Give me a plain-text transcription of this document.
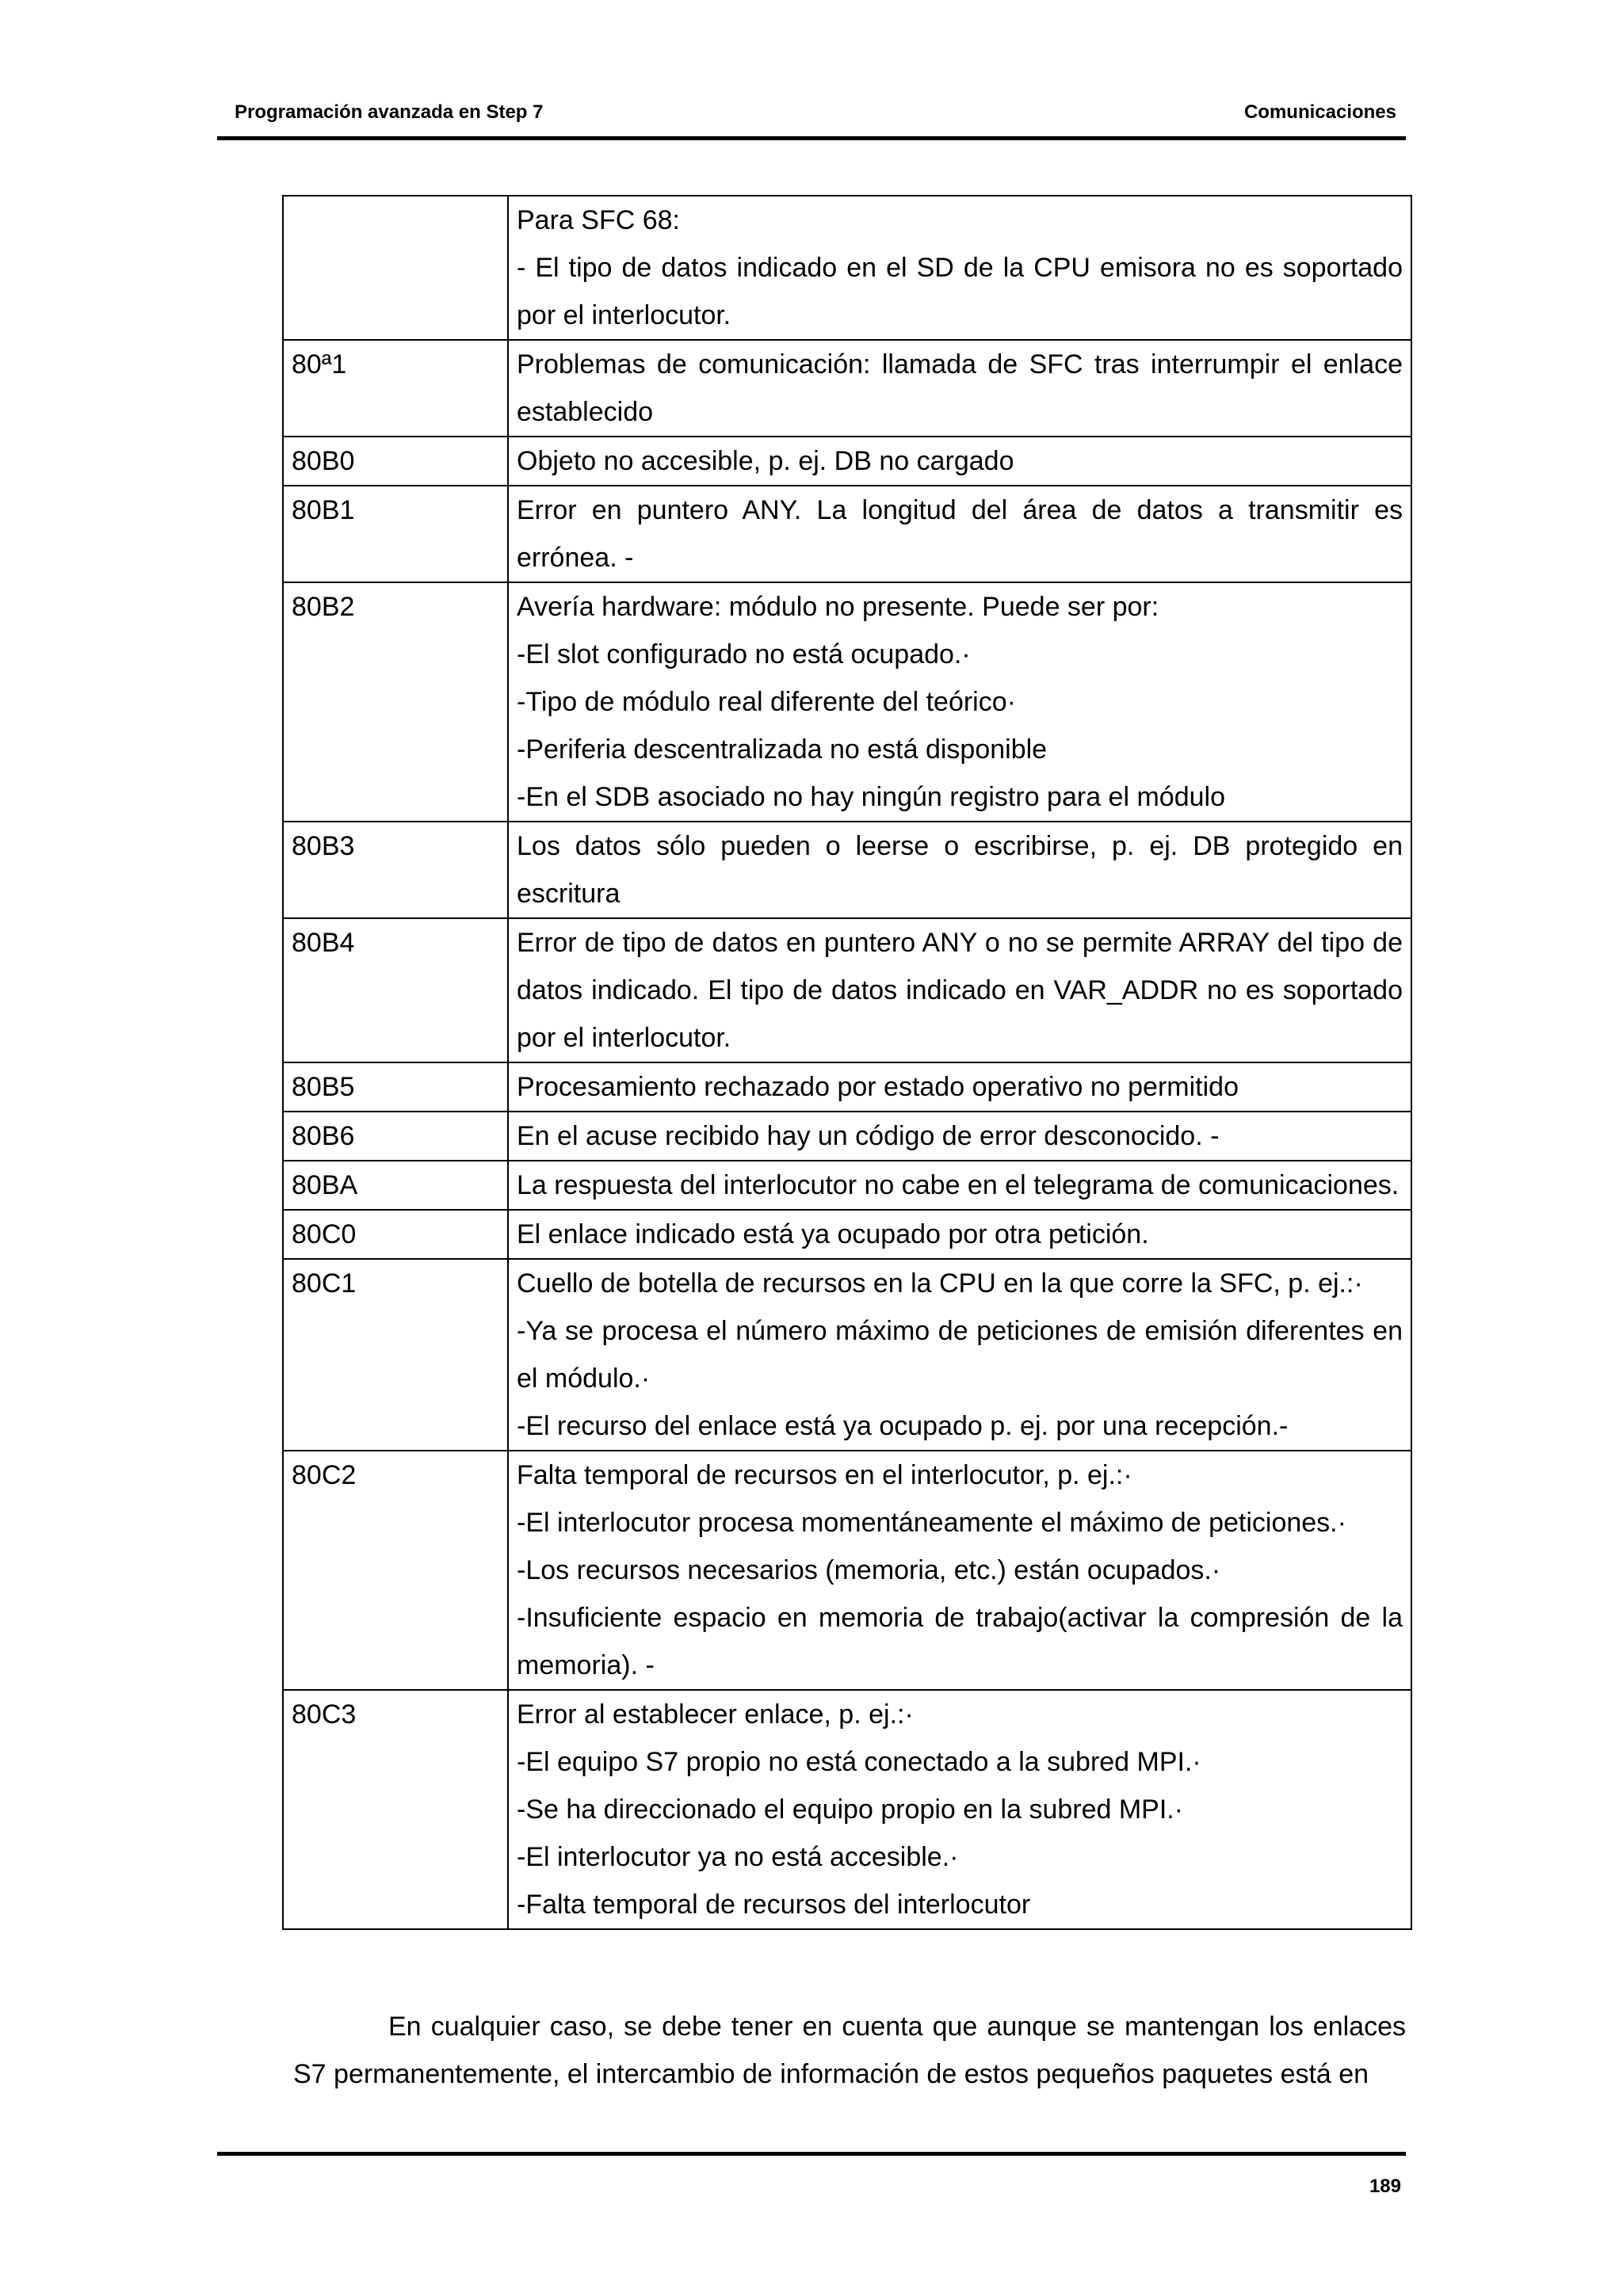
Programación avanzada en Step 7	Comunicaciones

	Para SFC 68:
- El tipo de datos indicado en el SD de la CPU emisora no es soportado por el interlocutor.

80ª1	Problemas de comunicación: llamada de SFC tras interrumpir el enlace establecido

80B0	Objeto no accesible, p. ej. DB no cargado

80B1	Error en puntero ANY. La longitud del área de datos a transmitir es errónea. -

80B2	Avería hardware: módulo no presente. Puede ser por:
-El slot configurado no está ocupado.·
-Tipo de módulo real diferente del teórico·
-Periferia descentralizada no está disponible
-En el SDB asociado no hay ningún registro para el módulo

80B3	Los datos sólo pueden o leerse o escribirse, p. ej. DB protegido en escritura

80B4	Error de tipo de datos en puntero ANY o no se permite ARRAY del tipo de datos indicado. El tipo de datos indicado en VAR_ADDR no es soportado por el interlocutor.

80B5	Procesamiento rechazado por estado operativo no permitido

80B6	En el acuse recibido hay un código de error desconocido. -

80BA	La respuesta del interlocutor no cabe en el telegrama de comunicaciones.

80C0	El enlace indicado está ya ocupado por otra petición.

80C1	Cuello de botella de recursos en la CPU en la que corre la SFC, p. ej.:·
-Ya se procesa el número máximo de peticiones de emisión diferentes en el módulo.·
-El recurso del enlace está ya ocupado p. ej. por una recepción.-

80C2	Falta temporal de recursos en el interlocutor, p. ej.:·
-El interlocutor procesa momentáneamente el máximo de peticiones.·
-Los recursos necesarios (memoria, etc.) están ocupados.·
-Insuficiente espacio en memoria de trabajo(activar la compresión de la memoria). -

80C3	Error al establecer enlace, p. ej.:·
-El equipo S7 propio no está conectado a la subred MPI.·
-Se ha direccionado el equipo propio en la subred MPI.·
-El interlocutor ya no está accesible.·
-Falta temporal de recursos del interlocutor
En cualquier caso, se debe tener en cuenta que aunque se mantengan los enlaces S7 permanentemente, el intercambio de información de estos pequeños paquetes está en
189
